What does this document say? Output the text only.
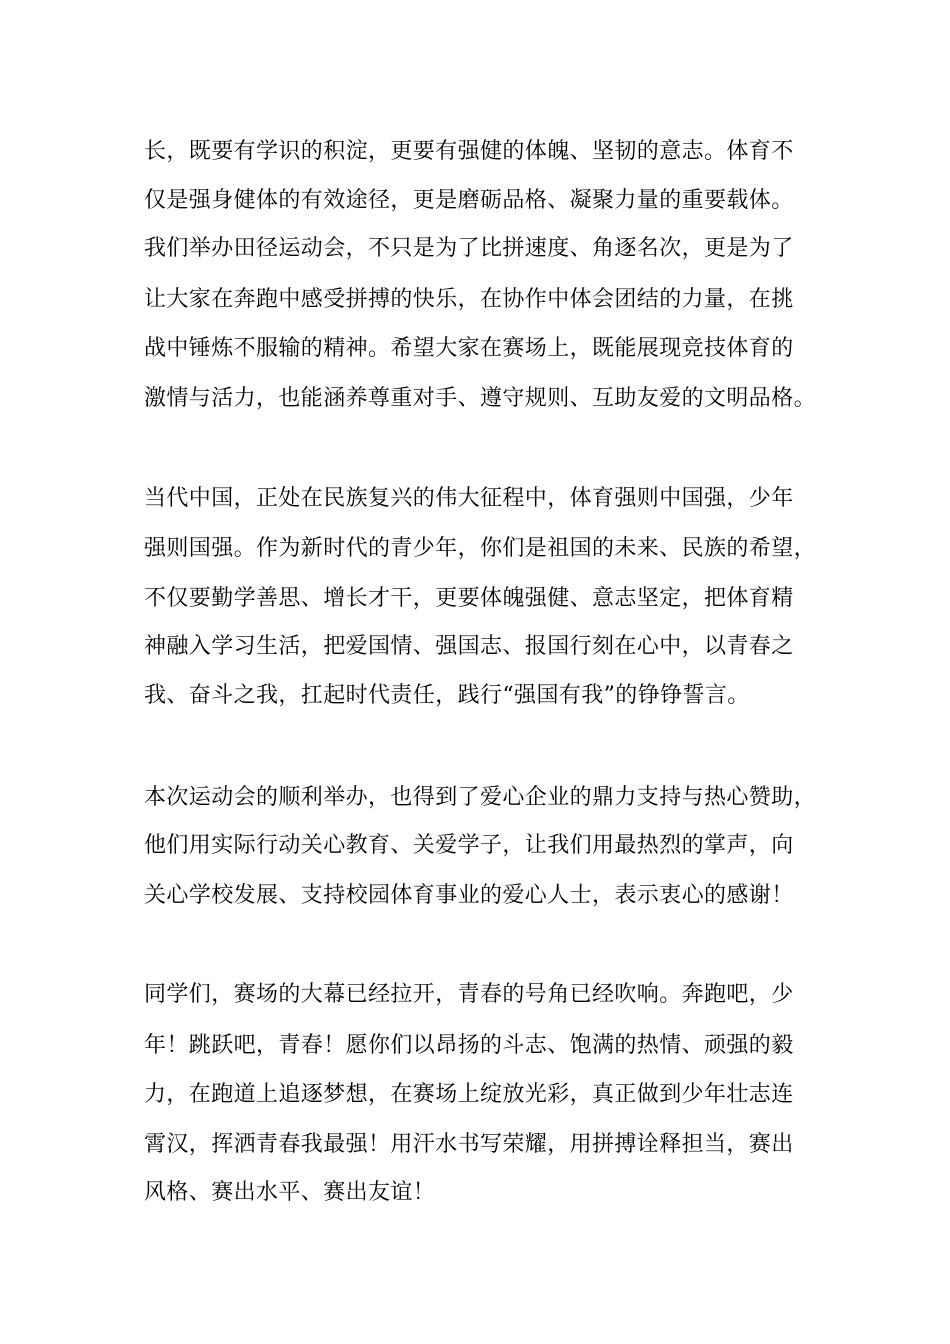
长，既要有学识的积淀，更要有强健的体魄、坚韧的意志。体育不
仅是强身健体的有效途径，更是磨砺品格、凝聚力量的重要载体。
我们举办田径运动会，不只是为了比拼速度、角逐名次，更是为了
让大家在奔跑中感受拼搏的快乐，在协作中体会团结的力量，在挑
战中锤炼不服输的精神。希望大家在赛场上，既能展现竞技体育的
激情与活力，也能涵养尊重对手、遵守规则、互助友爱的文明品格。
当代中国，正处在民族复兴的伟大征程中，体育强则中国强，少年
强则国强。作为新时代的青少年，你们是祖国的未来、民族的希望，
不仅要勤学善思、增长才干，更要体魄强健、意志坚定，把体育精
神融入学习生活，把爱国情、强国志、报国行刻在心中，以青春之
我、奋斗之我，扛起时代责任，践行“强国有我”的铮铮誓言。
本次运动会的顺利举办，也得到了爱心企业的鼎力支持与热心赞助，
他们用实际行动关心教育、关爱学子，让我们用最热烈的掌声，向
关心学校发展、支持校园体育事业的爱心人士，表示衷心的感谢！
同学们，赛场的大幕已经拉开，青春的号角已经吹响。奔跑吧，少
年！跳跃吧，青春！愿你们以昂扬的斗志、饱满的热情、顽强的毅
力，在跑道上追逐梦想，在赛场上绽放光彩，真正做到少年壮志连
霄汉，挥洒青春我最强！用汗水书写荣耀，用拼搏诠释担当，赛出
风格、赛出水平、赛出友谊！
